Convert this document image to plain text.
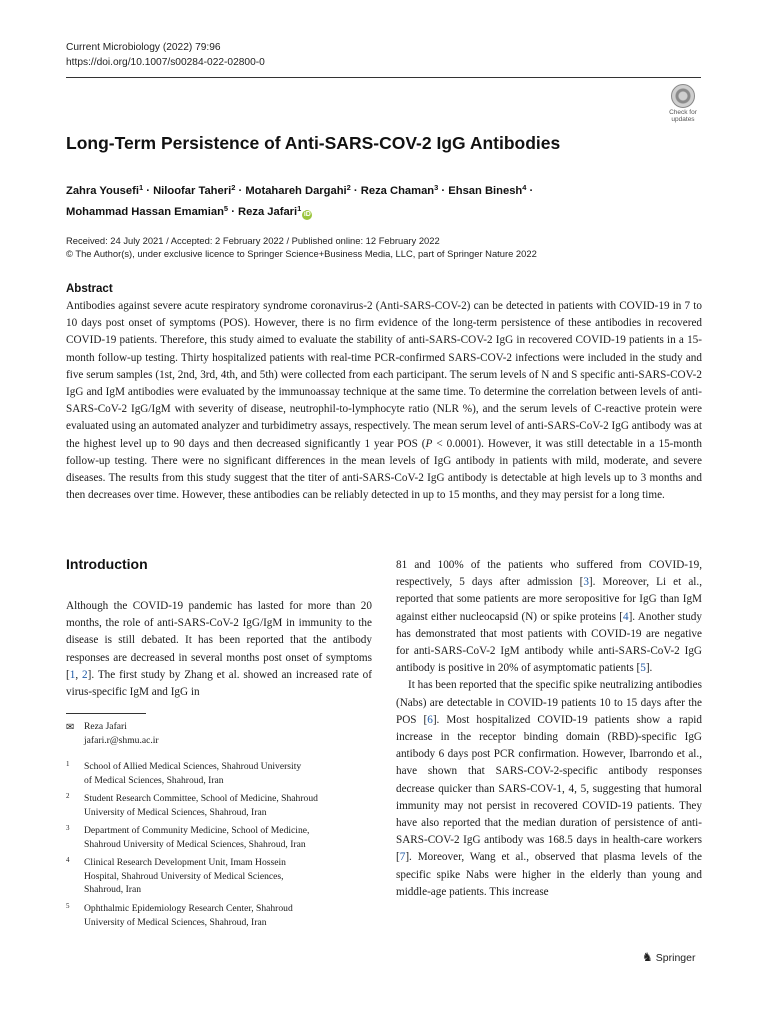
Current Microbiology (2022) 79:96
https://doi.org/10.1007/s00284-022-02800-0
Check for
updates
Long-Term Persistence of Anti-SARS-COV-2 IgG Antibodies
Zahra Yousefi$^1$ · Niloofar Taheri$^2$ · Motahareh Dargahi$^2$ · Reza Chaman$^3$ · Ehsan Binesh$^4$ ·
Mohammad Hassan Emamian$^5$ · Reza Jafari$^1$iD
Received: 24 July 2021 / Accepted: 2 February 2022 / Published online: 12 February 2022
© The Author(s), under exclusive licence to Springer Science+Business Media, LLC, part of Springer Nature 2022
Abstract
Antibodies against severe acute respiratory syndrome coronavirus-2 (Anti-SARS-COV-2) can be detected in patients with COVID-19 in 7 to 10 days post onset of symptoms (POS). However, there is no firm evidence of the long-term persistence of these antibodies in recovered COVID-19 patients. Therefore, this study aimed to evaluate the stability of anti-SARS-COV-2 IgG in recovered COVID-19 patients in a 15-month follow-up testing. Thirty hospitalized patients with real-time PCR-confirmed SARS-COV-2 infections were included in the study and five serum samples (1st, 2nd, 3rd, 4th, and 5th) were collected from each participant. The serum levels of N and S specific anti-SARS-COV-2 IgG and IgM antibodies were evaluated by the immunoassay technique at the same time. To determine the correlation between levels of anti-SARS-CoV-2 IgG/IgM with severity of disease, neutrophil-to-lymphocyte ratio (NLR %), and the serum levels of C-reactive protein were evaluated using an automated analyzer and turbidimetry assays, respectively. The mean serum level of anti-SARS-CoV-2 IgG antibody was at the highest level up to 90 days and then decreased significantly 1 year POS (P < 0.0001). However, it was still detectable in a 15-month follow-up testing. There were no significant differences in the mean levels of IgG antibody in patients with mild, moderate, and severe diseases. The results from this study suggest that the titer of anti-SARS-CoV-2 IgG antibody is detectable at high levels up to 3 months and then decreases over time. However, these antibodies can be reliably detected in up to 15 months, and they may persist for a long time.
Introduction

Although the COVID-19 pandemic has lasted for more than 20 months, the role of anti-SARS-CoV-2 IgG/IgM in immunity to the disease is still debated. It has been reported that the antibody responses are decreased in several months post onset of symptoms [1, 2]. The first study by Zhang et al. showed an increased rate of virus-specific IgM and IgG in

81 and 100% of the patients who suffered from COVID-19, respectively, 5 days after admission [3]. Moreover, Li et al., reported that some patients are more seropositive for IgG than IgM against either nucleocapsid (N) or spike proteins [4]. Another study has demonstrated that most patients with COVID-19 are negative for anti-SARS-CoV-2 IgM antibody while anti-SARS-CoV-2 IgG antibody is positive in 20% of asymptomatic patients [5].

It has been reported that the specific spike neutralizing antibodies (Nabs) are detectable in COVID-19 patients 10 to 15 days after the POS [6]. Most hospitalized COVID-19 patients show a rapid increase in the receptor binding domain (RBD)-specific IgG antibody 6 days post PCR confirmation. However, Ibarrondo et al., have shown that SARS-COV-2-specific antibody responses decrease quicker than SARS-COV-1, 4, 5, suggesting that humoral immunity may not persist in recovered COVID-19 patients. They have also reported that the median duration of persistence of anti-SARS-COV-2 IgG antibody was 168.5 days in health-care workers [7]. Moreover, Wang et al., observed that plasma levels of the specific spike Nabs were higher in the elderly than young and middle-age patients. This increase

✉ Reza Jafari
jafari.r@shmu.ac.ir
1 School of Allied Medical Sciences, Shahroud University
of Medical Sciences, Shahroud, Iran
2 Student Research Committee, School of Medicine, Shahroud
University of Medical Sciences, Shahroud, Iran
3 Department of Community Medicine, School of Medicine,
Shahroud University of Medical Sciences, Shahroud, Iran
4 Clinical Research Development Unit, Imam Hossein
Hospital, Shahroud University of Medical Sciences,
Shahroud, Iran
5 Ophthalmic Epidemiology Research Center, Shahroud
University of Medical Sciences, Shahroud, Iran
♞ Springer
